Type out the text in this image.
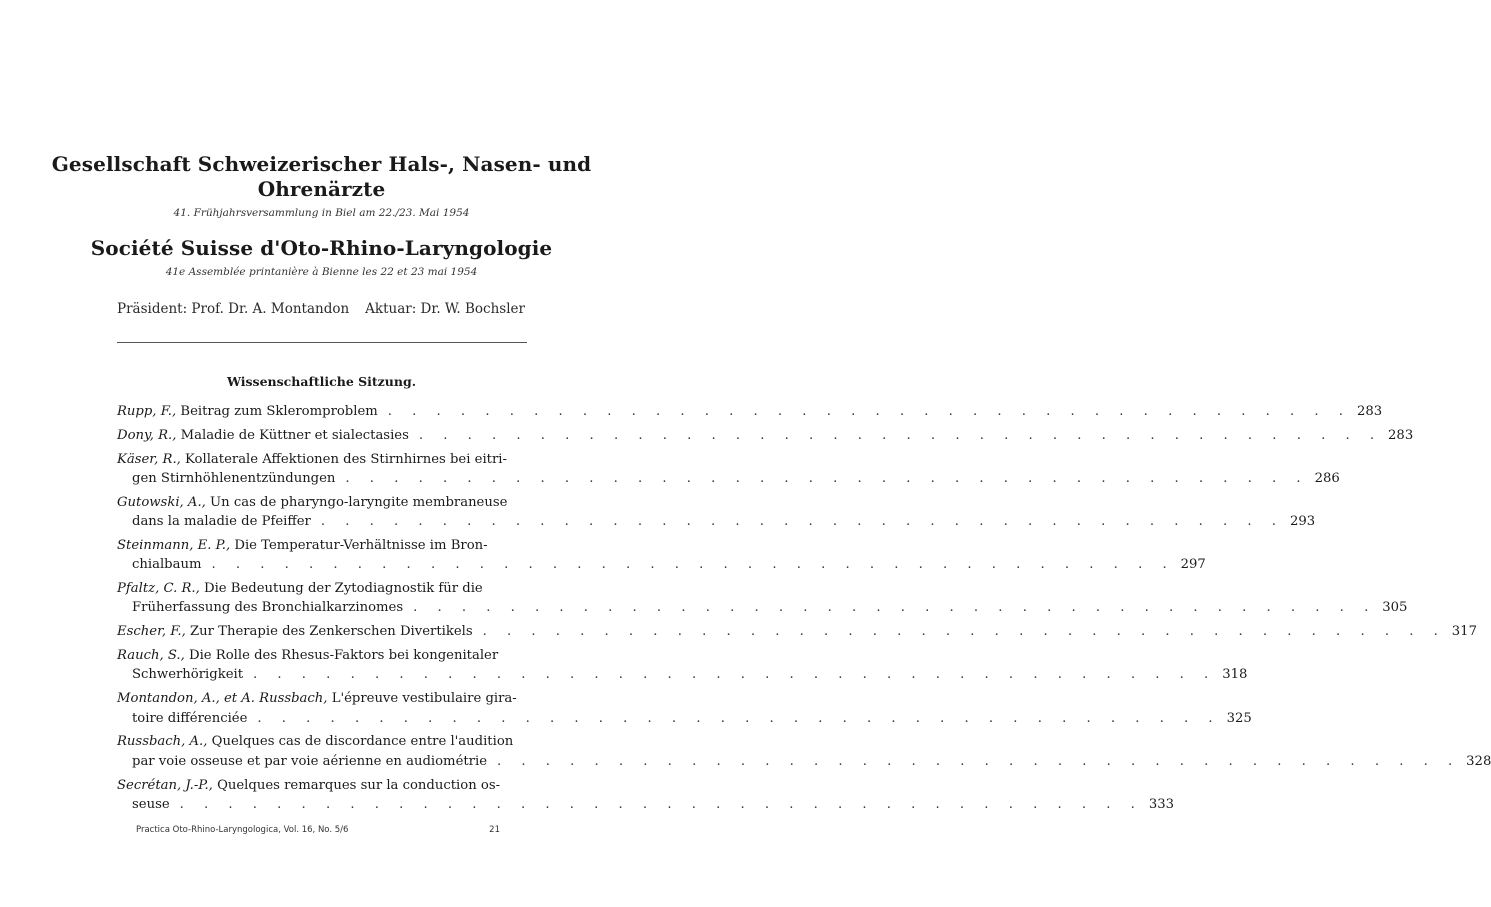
Gesellschaft Schweizerischer Hals-, Nasen- und
Ohrenärzte
41. Frühjahrsversammlung in Biel am 22./23. Mai 1954
Société Suisse d'Oto-Rhino-Laryngologie
41e Assemblée printanière à Bienne les 22 et 23 mai 1954
Präsident: Prof. Dr. A. Montandon Aktuar: Dr. W. Bochsler
Wissenschaftliche Sitzung.
Rupp, F., Beitrag zum Skleromproblem . . . . . . . . . . . . . . . . . . . . . . . . . . . . . . . . . . . . . . . . 283
Dony, R., Maladie de Küttner et sialectasies . . . . . . . . . . . . . . . . . . . . . . . . . . . . . . . . . . . . . . . . 283
Käser, R., Kollaterale Affektionen des Stirnhirnes bei eitri-
gen Stirnhöhlenentzündungen . . . . . . . . . . . . . . . . . . . . . . . . . . . . . . . . . . . . . . . . 286
Gutowski, A., Un cas de pharyngo-laryngite membraneuse
dans la maladie de Pfeiffer . . . . . . . . . . . . . . . . . . . . . . . . . . . . . . . . . . . . . . . . 293
Steinmann, E. P., Die Temperatur-Verhältnisse im Bron-
chialbaum . . . . . . . . . . . . . . . . . . . . . . . . . . . . . . . . . . . . . . . . 297
Pfaltz, C. R., Die Bedeutung der Zytodiagnostik für die
Früherfassung des Bronchialkarzinomes . . . . . . . . . . . . . . . . . . . . . . . . . . . . . . . . . . . . . . . . 305
Escher, F., Zur Therapie des Zenkerschen Divertikels . . . . . . . . . . . . . . . . . . . . . . . . . . . . . . . . . . . . . . . . 317
Rauch, S., Die Rolle des Rhesus-Faktors bei kongenitaler
Schwerhörigkeit . . . . . . . . . . . . . . . . . . . . . . . . . . . . . . . . . . . . . . . . 318
Montandon, A., et A. Russbach, L'épreuve vestibulaire gira-
toire différenciée . . . . . . . . . . . . . . . . . . . . . . . . . . . . . . . . . . . . . . . . 325
Russbach, A., Quelques cas de discordance entre l'audition
par voie osseuse et par voie aérienne en audiométrie . . . . . . . . . . . . . . . . . . . . . . . . . . . . . . . . . . . . . . . . 328
Secrétan, J.-P., Quelques remarques sur la conduction os-
seuse . . . . . . . . . . . . . . . . . . . . . . . . . . . . . . . . . . . . . . . . 333
Practica Oto-Rhino-Laryngologica, Vol. 16, No. 5/6	21
